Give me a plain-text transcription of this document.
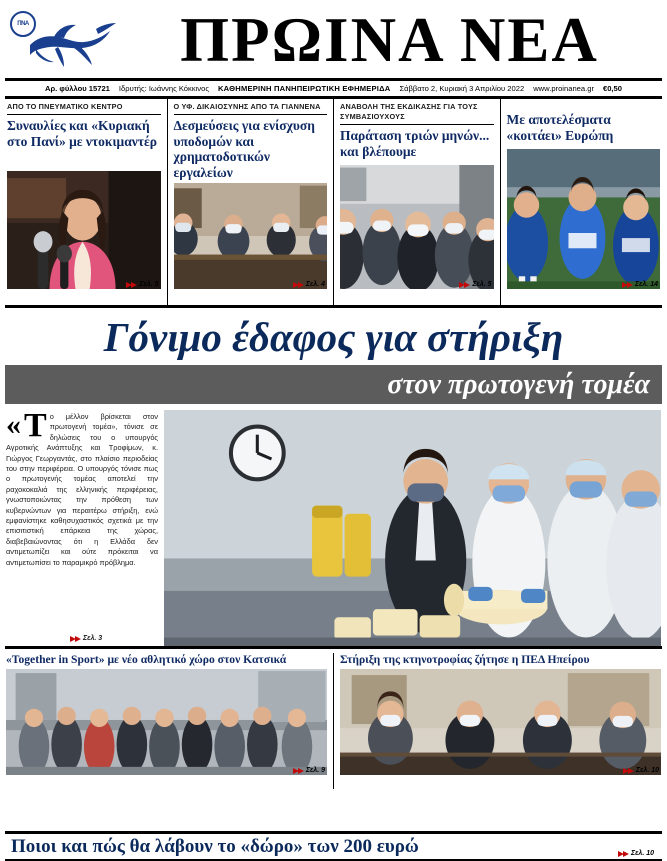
ΠΝΑ	ΠΡΩΙΝΑ ΝΕΑ
Αρ. φύλλου 15721 Ιδρυτής: Ιωάννης Κόκκινος ΚΑΘΗΜΕΡΙΝΗ ΠΑΝΗΠΕΙΡΩΤΙΚΗ ΕΦΗΜΕΡΙΔΑ Σάββατο 2, Κυριακή 3 Απριλίου 2022 www.proinanea.gr €0,50
ΑΠΟ ΤΟ ΠΝΕΥΜΑΤΙΚΟ ΚΕΝΤΡΟ
Συναυλίες και «Κυριακή στο Πανί» με ντοκιμαντέρ
Σελ. 5
Ο ΥΦ. ΔΙΚΑΙΟΣΥΝΗΣ ΑΠΟ ΤΑ ΓΙΑΝΝΕΝΑ
Δεσμεύσεις για ενίσχυση υποδομών και χρηματοδοτικών εργαλείων
Σελ. 4
ΑΝΑΒΟΛΗ ΤΗΣ ΕΚΔΙΚΑΣΗΣ ΓΙΑ ΤΟΥΣ ΣΥΜΒΑΣΙΟΥΧΟΥΣ
Παράταση τριών μηνών... και βλέπουμε
Σελ. 5
Με αποτελέσματα «κοιτάει» Ευρώπη
Σελ. 14
Γόνιμο έδαφος για στήριξη
στον πρωτογενή τομέα
« Τ ο μέλλον βρίσκεται στον πρωτογενή τομέα», τόνισε σε δηλώσεις του ο υπουργός Αγροτικής Ανάπτυξης και Τροφίμων, κ. Γιώργος Γεωργαντάς, στο πλαίσιο περιοδείας του στην περιφέρεια. Ο υπουργός τόνισε πως ο πρωτογενής τομέας αποτελεί την ραχοκοκαλιά της ελληνικής περιφέρειας, γνωστοποιώντας την πρόθεση των κυβερνώντων για περαιτέρω στήριξη, ενώ εμφανίστηκε καθησυχαστικός σχετικά με την επισιτιστική επάρκεια της χώρας, διαβεβαιώνοντας ότι η Ελλάδα δεν αντιμετωπίζει και ούτε πρόκειται να αντιμετωπίσει το παραμικρό πρόβλημα.
Σελ. 3
«Together in Sport» με νέο αθλητικό χώρο στον Κατσικά
Σελ. 9
Στήριξη της κτηνοτροφίας ζήτησε η ΠΕΔ Ηπείρου
Σελ. 10
Ποιοι και πώς θα λάβουν το «δώρο» των 200 ευρώ	Σελ. 10
